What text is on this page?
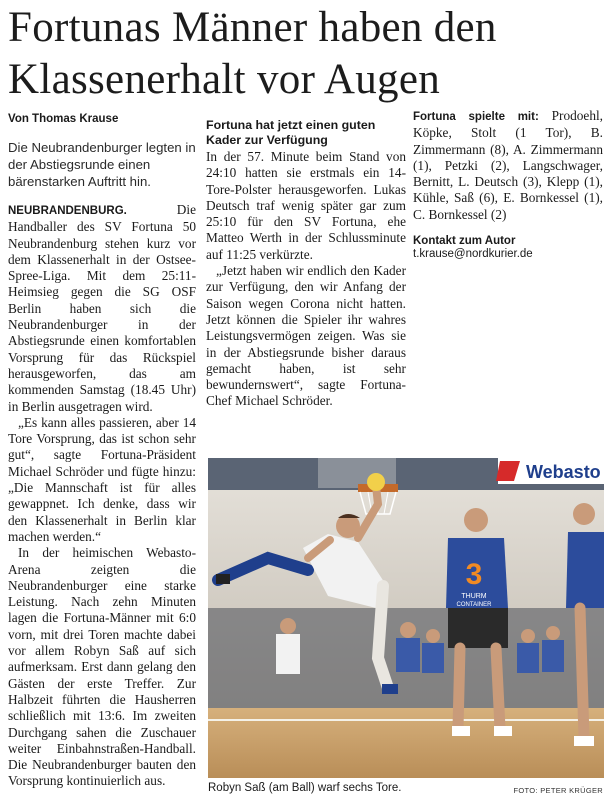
Fortunas Männer haben den Klassenerhalt vor Augen
Von Thomas Krause
Die Neubrandenburger legten in der Abstiegsrunde einen bärenstarken Auftritt hin.

NEUBRANDENBURG. Die Handballer des SV Fortuna 50 Neubrandenburg stehen kurz vor dem Klassenerhalt in der Ostsee-Spree-Liga. Mit dem 25:11-Heimsieg gegen die SG OSF Berlin haben sich die Neubrandenburger in der Abstiegsrunde einen komfortablen Vorsprung für das Rückspiel herausgeworfen, das am kommenden Samstag (18.45 Uhr) in Berlin ausgetragen wird.

„Es kann alles passieren, aber 14 Tore Vorsprung, das ist schon sehr gut“, sagte Fortuna-Präsident Michael Schröder und fügte hinzu: „Die Mannschaft ist für alles gewappnet. Ich denke, dass wir den Klassenerhalt in Berlin klar machen werden.“

In der heimischen Webasto-Arena zeigten die Neubrandenburger eine starke Leistung. Nach zehn Minuten lagen die Fortuna-Männer mit 6:0 vorn, mit drei Toren machte dabei vor allem Robyn Saß auf sich aufmerksam. Erst dann gelang den Gästen der erste Treffer. Zur Halbzeit führten die Hausherren schließlich mit 13:6. Im zweiten Durchgang sahen die Zuschauer weiter Einbahnstraßen-Handball. Die Neubrandenburger bauten den Vorsprung kontinuierlich aus.

Webasto
3
THURM
CONTAINER
Robyn Saß (am Ball) warf sechs Tore.	FOTO: PETER KRÜGER
Fortuna hat jetzt einen guten Kader zur Verfügung

In der 57. Minute beim Stand von 24:10 hatten sie erstmals ein 14-Tore-Polster herausgeworfen. Lukas Deutsch traf wenig später gar zum 25:10 für den SV Fortuna, ehe Matteo Werth in der Schlussminute auf 11:25 verkürzte.

„Jetzt haben wir endlich den Kader zur Verfügung, den wir Anfang der Saison wegen Corona nicht hatten. Jetzt können die Spieler ihr wahres Leistungsvermögen zeigen. Was sie in der Abstiegsrunde bisher daraus gemacht haben, ist sehr bewundernswert“, sagte Fortuna-Chef Michael Schröder.

Fortuna spielte mit: Prodoehl, Köpke, Stolt (1 Tor), B. Zimmermann (8), A. Zimmermann (1), Petzki (2), Langschwager, Bernitt, L. Deutsch (3), Klepp (1), Kühle, Saß (6), E. Bornkessel (1), C. Bornkessel (2)

Kontakt zum Autor
t.krause@nordkurier.de
